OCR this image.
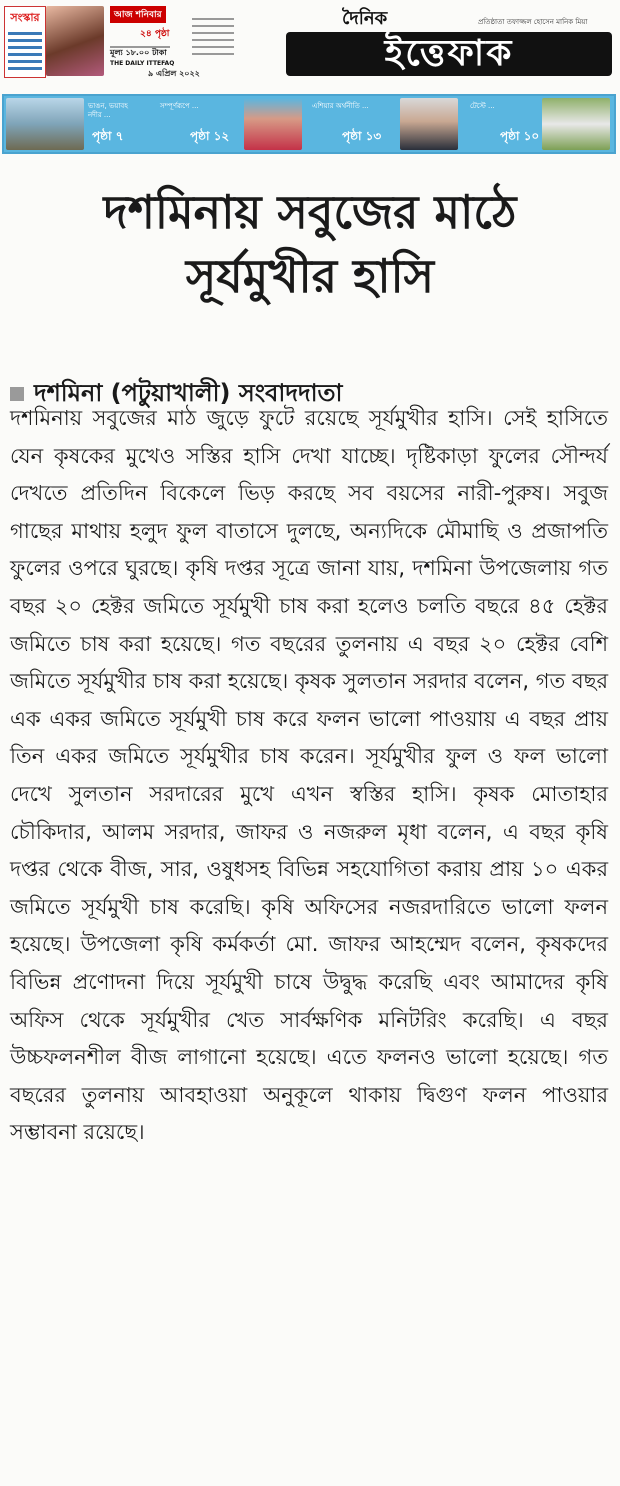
সংস্কার	আজ শনিবার
২৪ পৃষ্ঠা
মূল্য ১৮.০০ টাকা
THE DAILY ITTEFAQ
৯ এপ্রিল ২০২২
দৈনিক	প্রতিষ্ঠাতা তফাজ্জল হোসেন মানিক মিয়া
ইত্তেফাক
ভাঙন, ভয়াবহ নদীর ...
পৃষ্ঠা ৭
সম্পূর্ণরূপে ...
পৃষ্ঠা ১২
এশিয়ার অর্থনীতি ...
পৃষ্ঠা ১৩
টেস্টে ...
পৃষ্ঠা ১০
দশমিনায় সবুজের মাঠে
সূর্যমুখীর হাসি
দশমিনা (পটুয়াখালী) সংবাদদাতা
দশমিনায় সবুজের মাঠ জুড়ে ফুটে রয়েছে সূর্যমুখীর হাসি। সেই হাসিতে যেন কৃষকের মুখেও সস্তির হাসি দেখা যাচ্ছে। দৃষ্টিকাড়া ফুলের সৌন্দর্য দেখতে প্রতিদিন বিকেলে ভিড় করছে সব বয়সের নারী-পুরুষ। সবুজ গাছের মাথায় হলুদ ফুল বাতাসে দুলছে, অন্যদিকে মৌমাছি ও প্রজাপতি ফুলের ওপরে ঘুরছে। কৃষি দপ্তর সূত্রে জানা যায়, দশমিনা উপজেলায় গত বছর ২০ হেক্টর জমিতে সূর্যমুখী চাষ করা হলেও চলতি বছরে ৪৫ হেক্টর জমিতে চাষ করা হয়েছে। গত বছরের তুলনায় এ বছর ২০ হেক্টর বেশি জমিতে সূর্যমুখীর চাষ করা হয়েছে। কৃষক সুলতান সরদার বলেন, গত বছর এক একর জমিতে সূর্যমুখী চাষ করে ফলন ভালো পাওয়ায় এ বছর প্রায় তিন একর জমিতে সূর্যমুখীর চাষ করেন। সূর্যমুখীর ফুল ও ফল ভালো দেখে সুলতান সরদারের মুখে এখন স্বস্তির হাসি। কৃষক মোতাহার চৌকিদার, আলম সরদার, জাফর ও নজরুল মৃধা বলেন, এ বছর কৃষি দপ্তর থেকে বীজ, সার, ওষুধসহ বিভিন্ন সহযোগিতা করায় প্রায় ১০ একর জমিতে সূর্যমুখী চাষ করেছি। কৃষি অফিসের নজরদারিতে ভালো ফলন হয়েছে। উপজেলা কৃষি কর্মকর্তা মো. জাফর আহম্মেদ বলেন, কৃষকদের বিভিন্ন প্রণোদনা দিয়ে সূর্যমুখী চাষে উদ্বুদ্ধ করেছি এবং আমাদের কৃষি অফিস থেকে সূর্যমুখীর খেত সার্বক্ষণিক মনিটরিং করেছি। এ বছর উচ্চফলনশীল বীজ লাগানো হয়েছে। এতে ফলনও ভালো হয়েছে। গত বছরের তুলনায় আবহাওয়া অনুকূলে থাকায় দ্বিগুণ ফলন পাওয়ার সম্ভাবনা রয়েছে।
